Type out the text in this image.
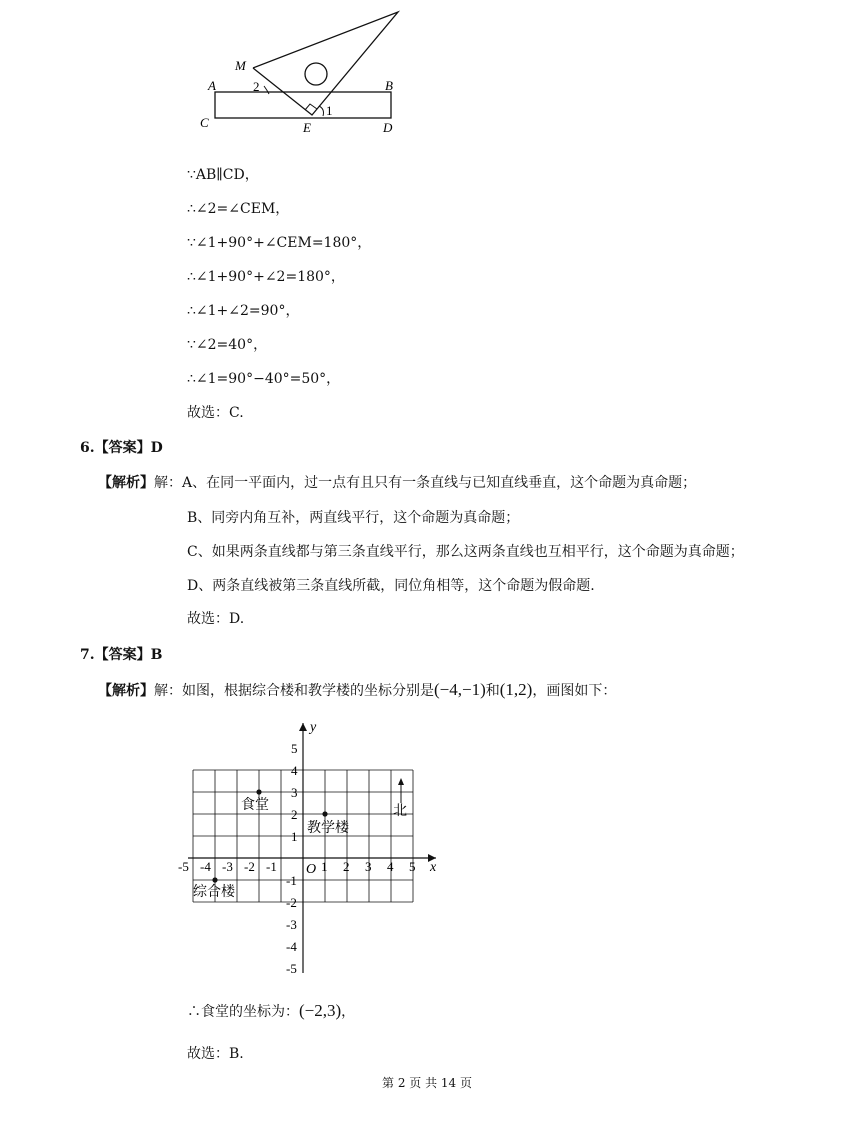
M
A	B
C	D
E
1
2
∵AB∥CD，
∴∠2=∠CEM，
∵∠1+90°+∠CEM=180°，
∴∠1+90°+∠2=180°，
∴∠1+∠2=90°，
∵∠2=40°，
∴∠1=90°−40°=50°，
故选：C.
6.【答案】D
【解析】解：A、在同一平面内，过一点有且只有一条直线与已知直线垂直，这个命题为真命题；
B、同旁内角互补，两直线平行，这个命题为真命题；
C、如果两条直线都与第三条直线平行，那么这两条直线也互相平行，这个命题为真命题；
D、两条直线被第三条直线所截，同位角相等，这个命题为假命题.
故选：D.
7.【答案】B
【解析】解：如图，根据综合楼和教学楼的坐标分别是(−4,−1)和(1,2)，画图如下：
-5 -4 -3 -2 -1	1 2 3 4 5
5
4
3
2
1
-1
-2
-3
-4
-5
食堂
教学楼
综合楼
x
y
O
北
∴食堂的坐标为：(−2,3)，
故选：B.
第 2 页 共 14 页
